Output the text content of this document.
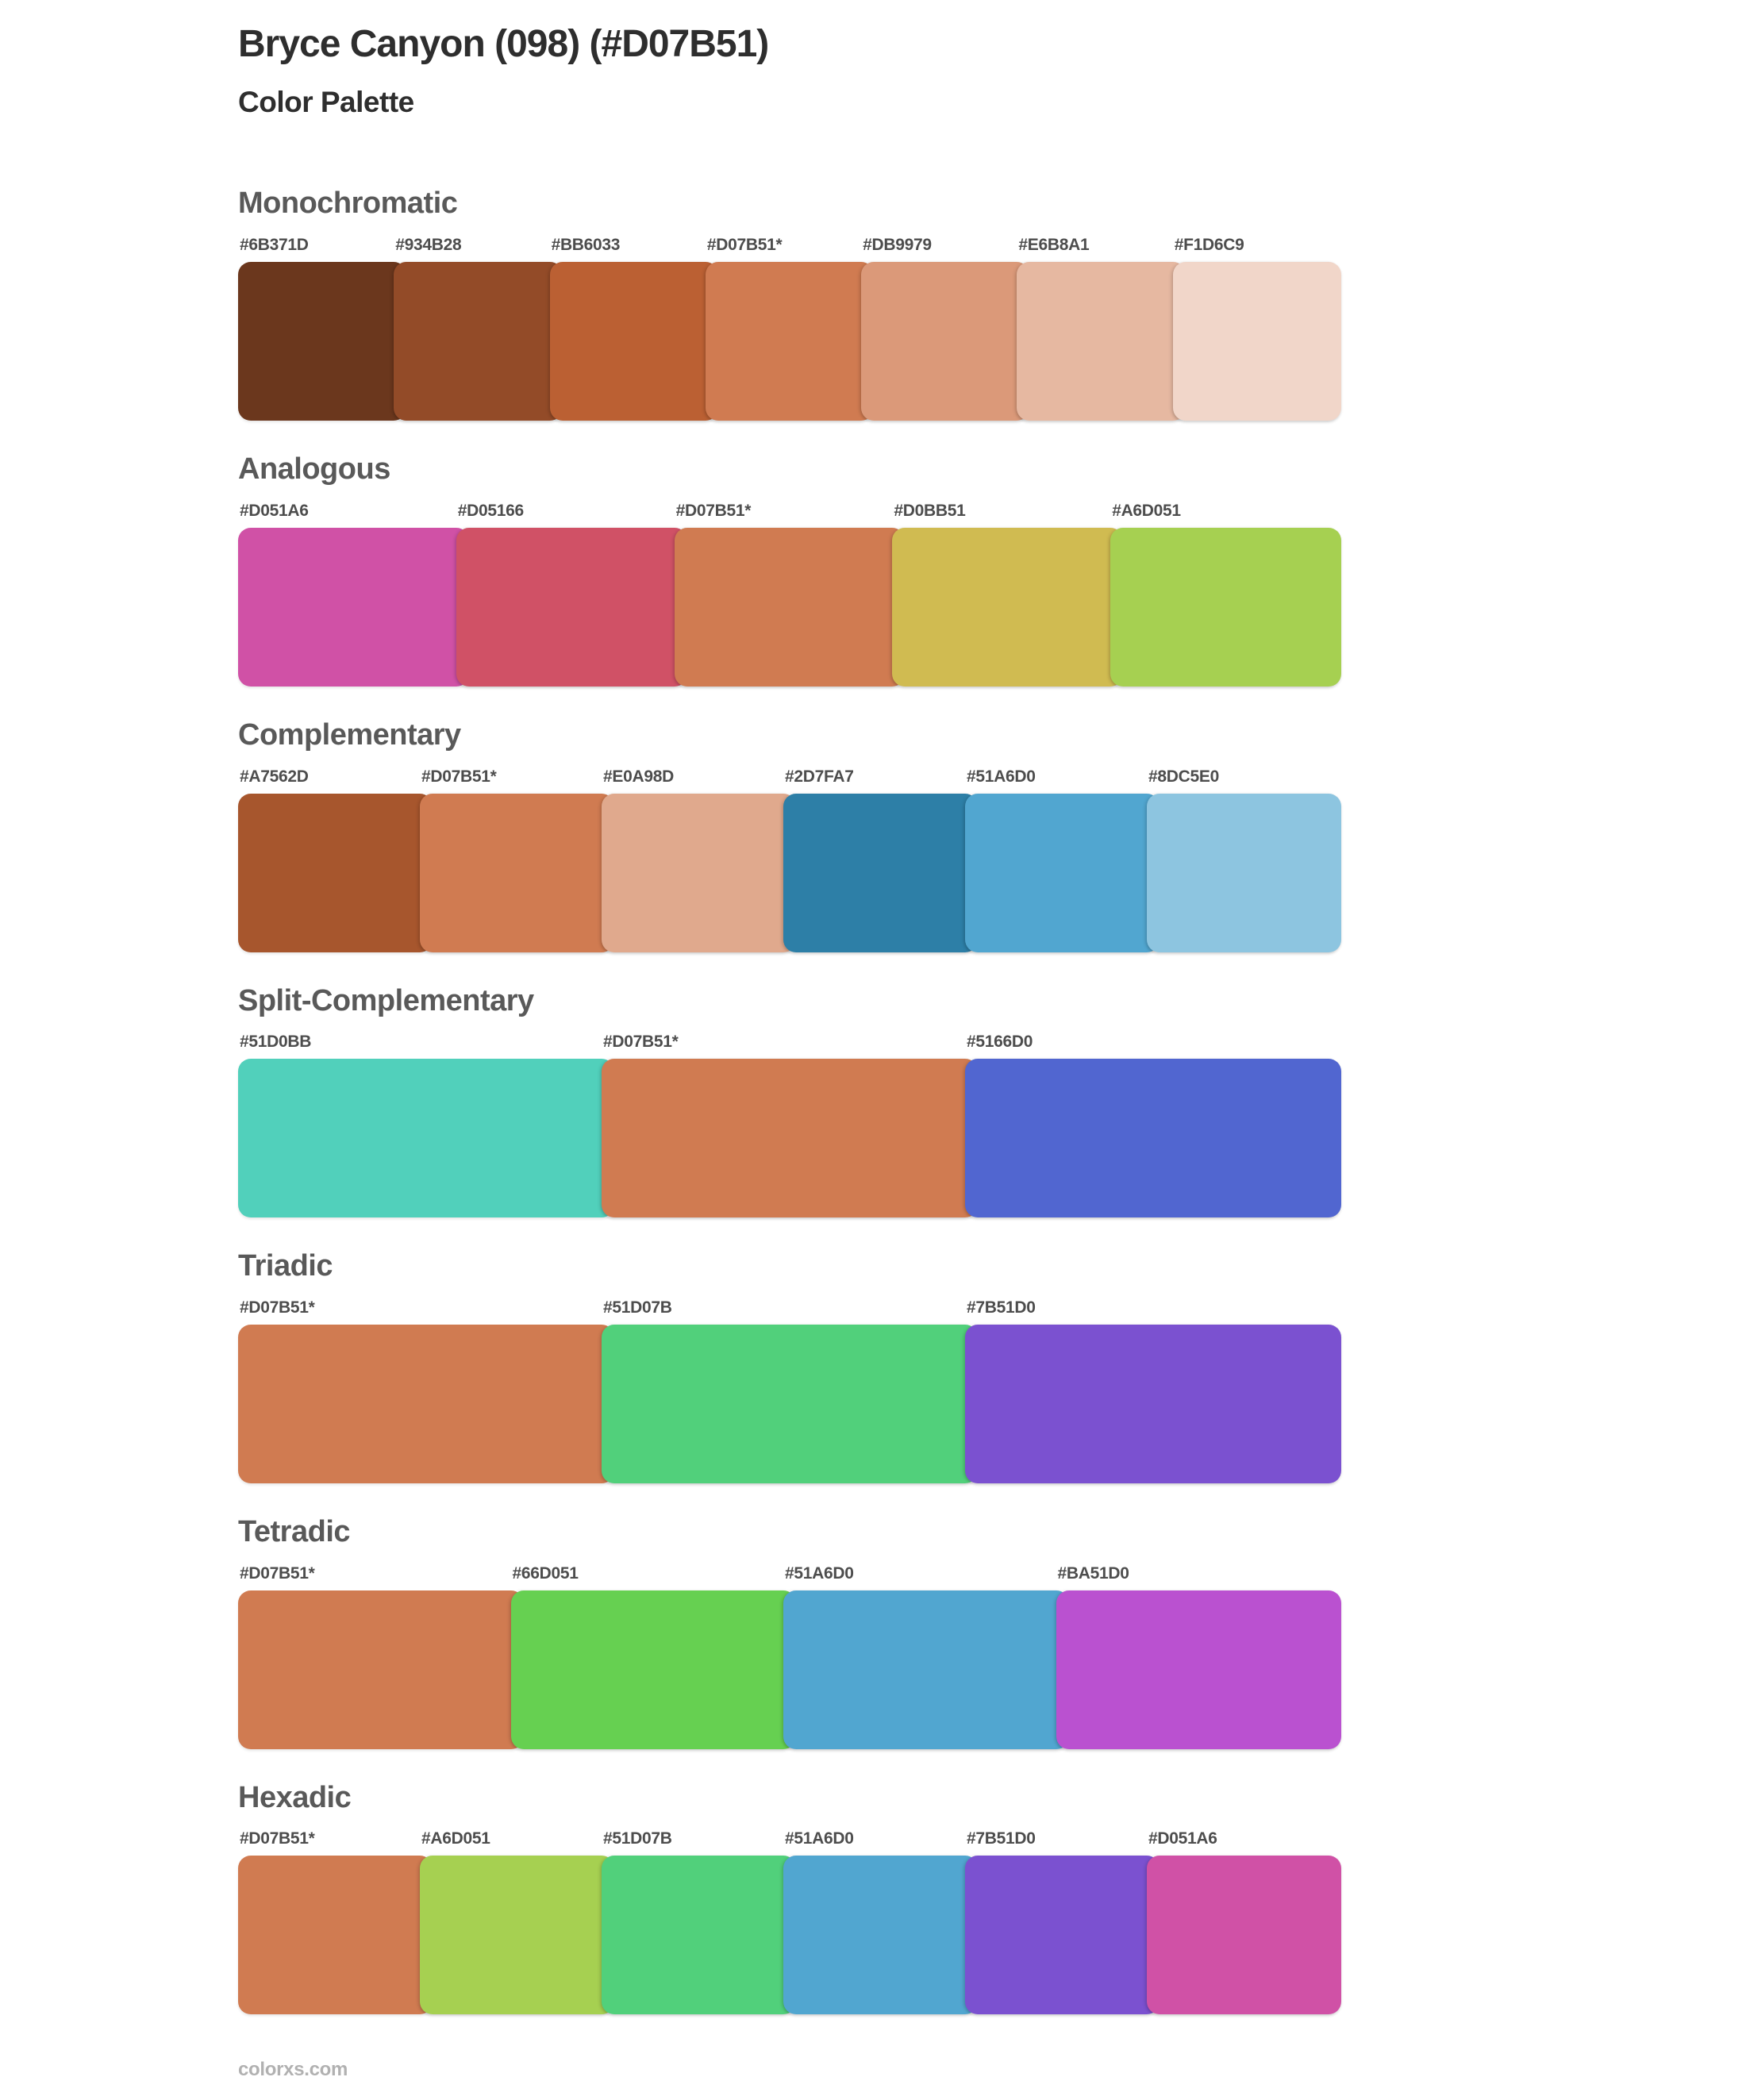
Bryce Canyon (098) (#D07B51)
Color Palette
Monochromatic
#6B371D	#934B28	#BB6033	#D07B51*	#DB9979	#E6B8A1	#F1D6C9
Analogous
#D051A6	#D05166	#D07B51*	#D0BB51	#A6D051
Complementary
#A7562D	#D07B51*	#E0A98D	#2D7FA7	#51A6D0	#8DC5E0
Split-Complementary
#51D0BB	#D07B51*	#5166D0
Triadic
#D07B51*	#51D07B	#7B51D0
Tetradic
#D07B51*	#66D051	#51A6D0	#BA51D0
Hexadic
#D07B51*	#A6D051	#51D07B	#51A6D0	#7B51D0	#D051A6
colorxs.com
